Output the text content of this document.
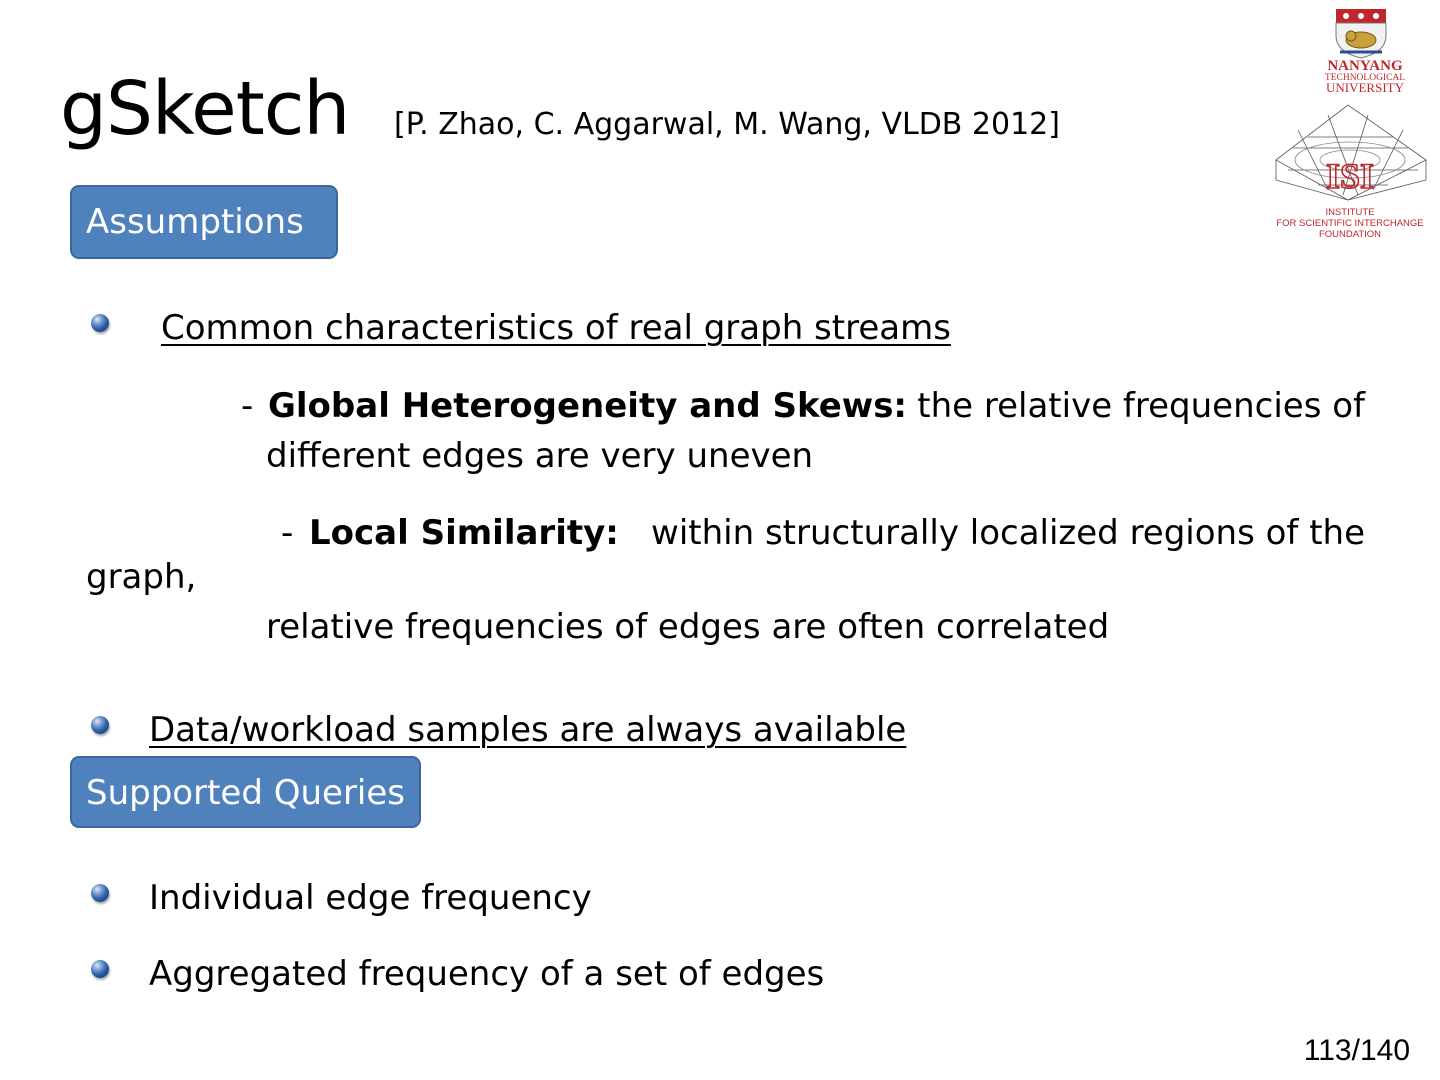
gSketch [P. Zhao, C. Aggarwal, M. Wang, VLDB 2012]
NANYANG
TECHNOLOGICAL
UNIVERSITY
ISI
INSTITUTE
FOR SCIENTIFIC INTERCHANGE
FOUNDATION
Assumptions
Common characteristics of real graph streams
- Global Heterogeneity and Skews: the relative frequencies of
different edges are very uneven
- Local Similarity: within structurally localized regions of the
graph,
relative frequencies of edges are often correlated
Data/workload samples are always available
Supported Queries
Individual edge frequency
Aggregated frequency of a set of edges
113/140
